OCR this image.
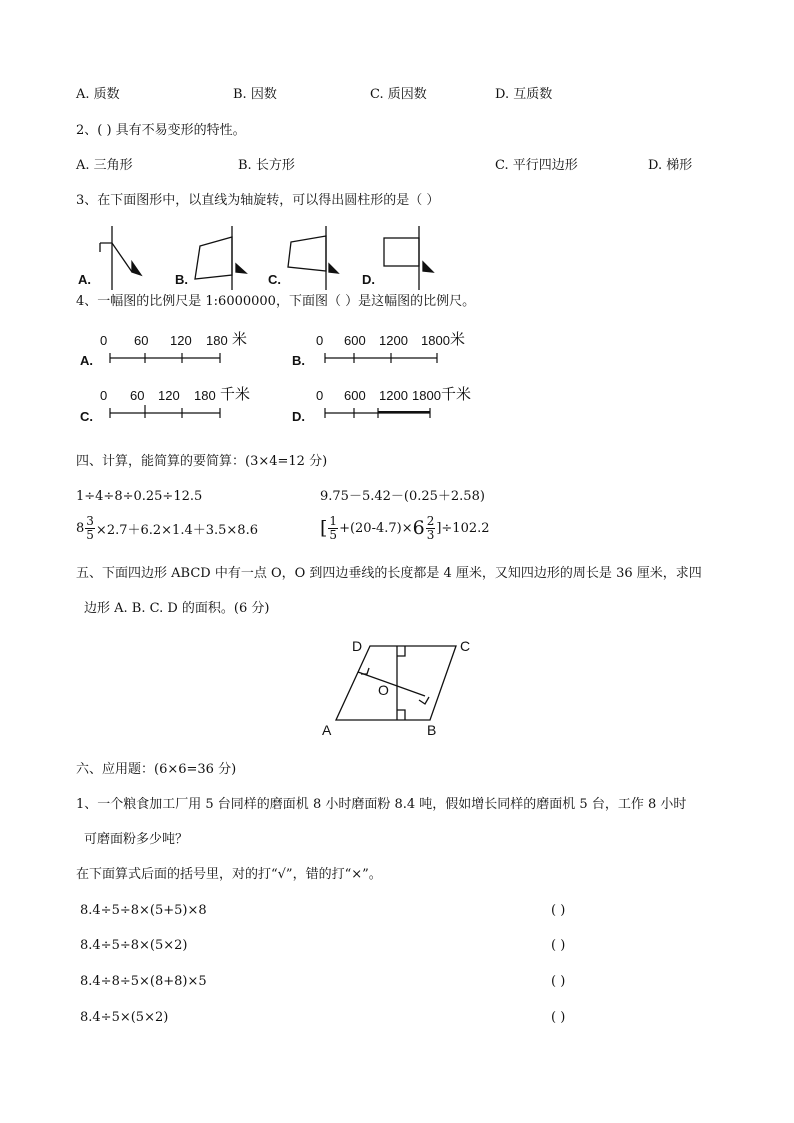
A. 质数	B. 因数	C. 质因数	D. 互质数
2、( ) 具有不易变形的特性。
A. 三角形	B. 长方形	C. 平行四边形	D. 梯形
3、在下面图形中，以直线为轴旋转，可以得出圆柱形的是（ ）
A.	B.	C.	D.
4、一幅图的比例尺是 1:6000000，下面图（ ）是这幅图的比例尺。
0 60 120 180 米
A.
0 600 1200 1800 米
B.
0 60 120 180 千米
C.
0 600 1200 1800 千米
D.
四、计算，能简算的要简算：(3×4=12 分)
1÷4÷8÷0.25÷12.5	9.75－5.42－(0.25＋2.58)
$8 \frac{3}{5} \times 2.7+6.2\times 1.4+3.5\times 8.6$	[ $\frac{1}{5} +(20-4.7)\times 6 \frac{2}{3} ]\div 102.2$
五、下面四边形 ABCD 中有一点 O，O 到四边垂线的长度都是 4 厘米，又知四边形的周长是 36 厘米，求四
边形 A. B. C. D 的面积。(6 分)
D	C
O
A	B
六、应用题：(6×6=36 分)
1、一个粮食加工厂用 5 台同样的磨面机 8 小时磨面粉 8.4 吨，假如增长同样的磨面机 5 台，工作 8 小时
可磨面粉多少吨？
在下面算式后面的括号里，对的打“√”，错的打“×”。
8.4÷5÷8×(5+5)×8	( )
8.4÷5÷8×(5×2)	( )
8.4÷8÷5×(8+8)×5	( )
8.4÷5×(5×2)	( )
